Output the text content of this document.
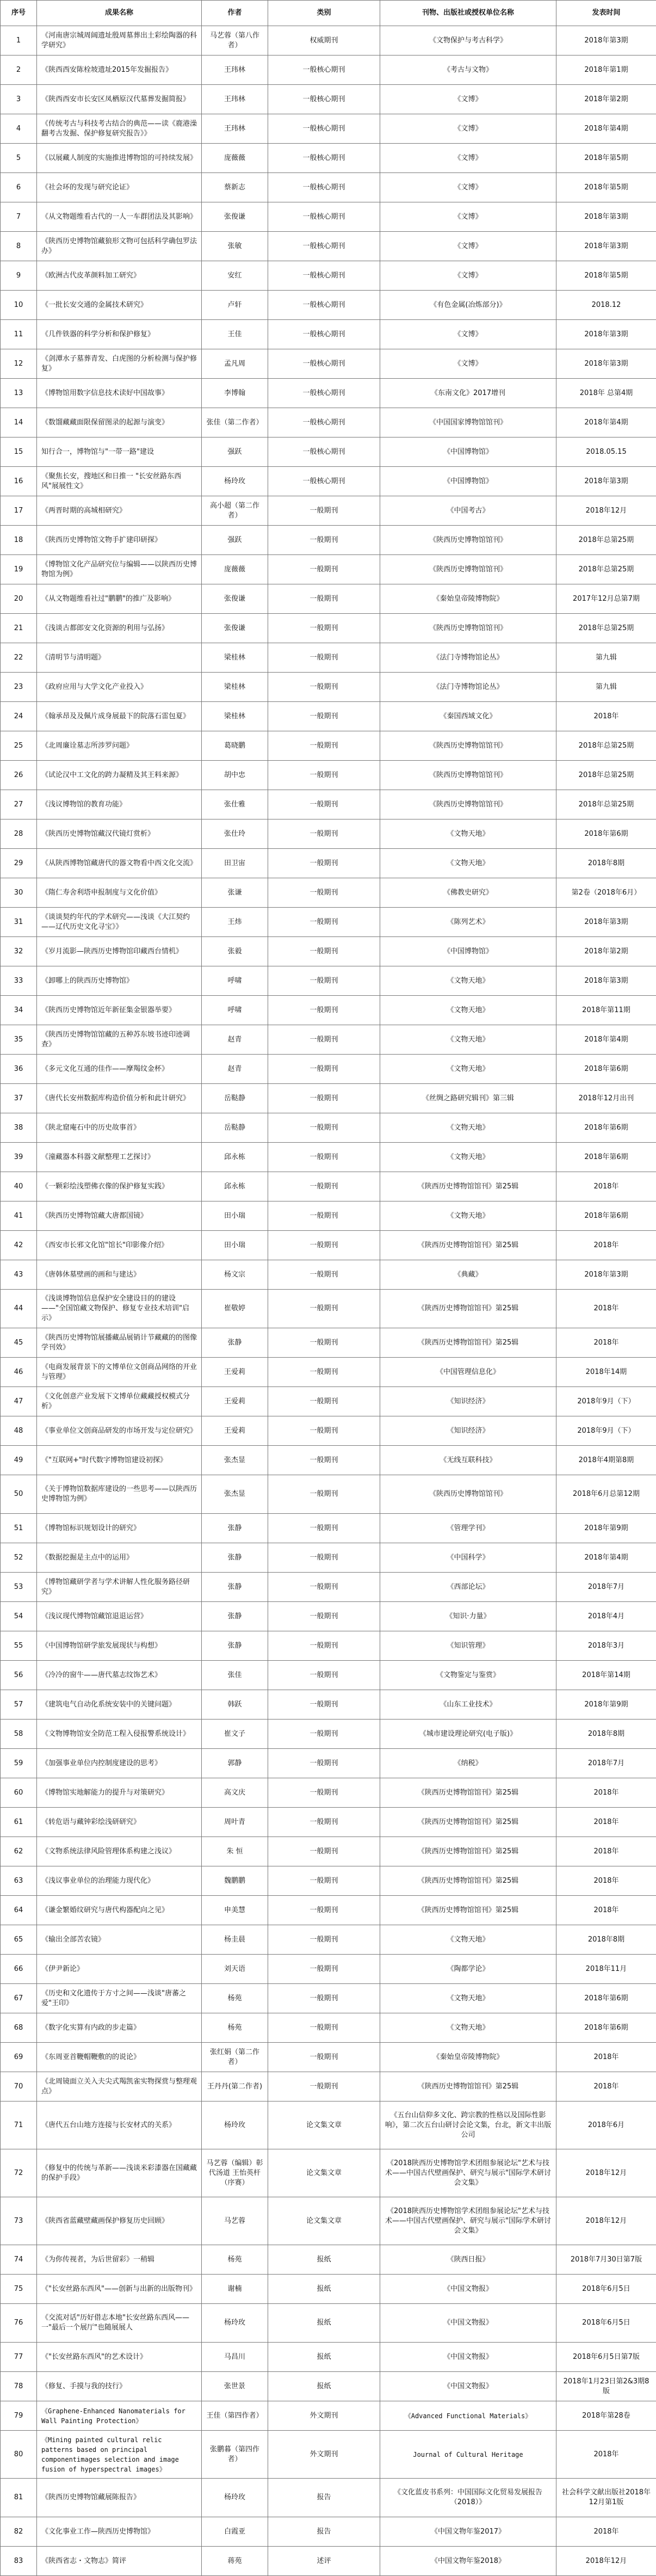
序号	成果名称	作者	类别	刊物、出版社或授权单位名称	发表时间
1	《河南唐宗城周阔遗址殷周墓葬出土彩绘陶器的科学研究》	马艺蓉（第八作者）	权威期刊	《文物保护与考古科学》	2018年第3期
2	《陕西西安陈栓坡遗址2015年发掘报告》	王玮林	一般核心期刊	《考古与文物》	2018年第1期
3	《陕西西安市长安区凤栖原汉代墓葬发掘简报》	王玮林	一般核心期刊	《文博》	2018年第2期
4	《传统考古与科技考古结合的典范——读《鹿港澡翻考古发掘、保护修复研究报告》》	王玮林	一般核心期刊	《文博》	2018年第4期
5	《以展藏人制度的实施推进博物馆的可持续发展》	庞薇薇	一般核心期刊	《文博》	2018年第5期
6	《社会环的发现与研究论证》	蔡新志	一般核心期刊	《文博》	2018年第5期
7	《从文物题维看古代的一人一车群团法及其影响》	张俊谦	一般核心期刊	《文博》	2018年第3期
8	《陕西历史博物馆藏狼形文物可包括科学确包罗法办》	张敏	一般核心期刊	《文博》	2018年第3期
9	《欧洲古代皮革颜料加工研究》	安红	一般核心期刊	《文博》	2018年第5期
10	《一批长安交通的金属技术研究》	卢轩	一般核心期刊	《有色金属(冶炼部分)》	2018.12
11	《几件铁器的科学分析和保护修复》	王佳	一般核心期刊	《文博》	2018年第3期
12	《剑潭水子墓葬青发、白虎图的分析检测与保护修复》	孟凡周	一般核心期刊	《文博》	2018年第3期
13	《博物馆用数字信息技术读好中国故事》	李博翰	一般核心期刊	《东南文化》2017增刊	2018年 总第4期
14	《数馏藏藏面限保留图录的起源与演变》	张佳（第二作者）	一般核心期刊	《中国国家博物馆馆刊》	2018年第4期
15	知行合一，博物馆与"一带一路"建设	强跃	一般核心期刊	《中国博物馆》	2018.05.15
16	《聚焦长安，搜地区和日推一 "长安丝路东西风"展展性文》	杨玲玫	一般核心期刊	《中国博物馆》	2018年第3期
17	《两晋时期的高城相研究》	高小超（第二作者）	一般期刊	《中国考古》	2018年12月
18	《陕西历史博物馆文物手扩建印研探》	强跃	一般期刊	《陕西历史博物馆馆刊》	2018年总第25期
19	《博物馆文化产品研究位与编辑——以陕西历史博物馆为例》	庞薇薇	一般期刊	《陕西历史博物馆馆刊》	2018年总第25期
20	《从文物题维看社过"鹏鹏"的推广及影响》	张俊谦	一般期刊	《秦始皇帝陵博物院》	2017年12月总第7期
21	《浅谈古都郎安文化资源的利用与弘扬》	张俊谦	一般期刊	《陕西历史博物馆馆刊》	2018年总第25期
22	《清明节与清明题》	梁桂林	一般期刊	《法门寺博物馆论丛》	第九辑
23	《政府应用与大学文化产业投入》	梁桂林	一般期刊	《法门寺博物馆论丛》	第九辑
24	《翰承昂及及佩片成身展最下的院落石雷包夏》	梁桂林	一般期刊	《秦国西域文化》	2018年
25	《北周廉诠墓志所涉罗问题》	葛晓鹏	一般期刊	《陕西历史博物馆馆刊》	2018年总第25期
26	《试论汉中工文化的跨力凝精及其王料来源》	胡中忠	一般期刊	《陕西历史博物馆馆刊》	2018年总第25期
27	《浅议博物馆的教育功能》	张仕雅	一般期刊	《陕西历史博物馆馆刊》	2018年总第25期
28	《陕西历史博物馆藏汉代镜灯赏析》	张仕玲	一般期刊	《文物天地》	2018年第6期
29	《从陕西博物馆藏唐代的器文物看中西文化交流》	田卫宙	一般期刊	《文物天地》	2018年8期
30	《隋仁寿舍利塔申报制度与文化价值》	张谦	一般期刊	《佛教史研究》	第2卷（2018年6月）
31	《谈谈契约年代的学术研究——浅谈《大江契约——辽代历史文化寻宝》》	王炜	一般期刊	《陈列艺术》	2018年第3期
32	《岁月流影—陕西历史博物馆印藏西台情机》	张毅	一般期刊	《中国博物馆》	2018年第2期
33	《卸哪上的陕西历史博物馆》	呼啸	一般期刊	《文物天地》	2018年第3期
34	《陕西历史博物馆近年新征集金银器举要》	呼啸	一般期刊	《文物天地》	2018年第11期
35	《陕西历史博物馆馆藏的五种苏东坡书迹印迹调查》	赵青	一般期刊	《文物天地》	2018年第4期
36	《多元文化互通的佳作——摩羯纹金杯》	赵青	一般期刊	《文物天地》	2018年第6期
37	《唐代长安州数据库构造价值分析和此计研究》	岳鞑静	一般期刊	《丝绸之路研究辑刊》第三辑	2018年12月出刊
38	《陕北窟庵石中的历史故事首》	岳鞑静	一般期刊	《文物天地》	2018年第6期
39	《潼藏器本科器文献整理工艺探讨》	邱永栋	一般期刊	《文物天地》	2018年第6期
40	《一颗彩绘浅塑佛衣像的保护修复实践》	邱永栋	一般期刊	《陕西历史博物馆馆刊》第25辑	2018年
41	《陕西历史博物馆藏大唐都国镜》	田小瑞	一般期刊	《文物天地》	2018年第6期
42	《西安市长邪文化馆"馆长"印影像介绍》	田小瑞	一般期刊	《陕西历史博物馆馆刊》第25辑	2018年
43	《唐韩休墓壁画的画和与建达》	杨文宗	一般期刊	《典藏》	2018年第3期
44	《浅谈博物馆信息保护安全建设目的的建设——"全国馆藏文物保护、修复专业技术培训"启示》	崔敬婷	一般期刊	《陕西历史博物馆馆刊》第25辑	2018年
45	《陕西历史博物馆展播藏品展销计节藏藏的的图像学刊效》	张静	一般期刊	《陕西历史博物馆馆刊》第25辑	2018年
46	《电商发展背景下的文博单位文创商品网络的开业与管理》	王爱莉	一般期刊	《中国管理信息化》	2018年14期
47	《文化创意产业发展下文博单位藏藏授权模式分析》	王爱莉	一般期刊	《知识经济》	2018年9月（下）
48	《事业单位文创商品研发的市场开发与定位研究》	王爱莉	一般期刊	《知识经济》	2018年9月（下）
49	《"互联网+"时代数字博物馆建设初探》	张杰显	一般期刊	《无线互联科技》	2018年4期第8期
50	《关于博物馆数据库建设的一些思考——以陕西历史博物馆为例》	张杰显	一般期刊	《陕西历史博物馆馆刊》	2018年6月总第12期
51	《博物馆标识规划设计的研究》	张静	一般期刊	《管理学刊》	2018年第9期
52	《数据挖掘是主点中的运用》	张静	一般期刊	《中国科学》	2018年第4期
53	《博物馆藏研学者与学术讲解人性化服务路径研究》	张静	一般期刊	《西部论坛》	2018年7月
54	《浅议现代博物馆藏馆退退运营》	张静	一般期刊	《知识·力量》	2018年4月
55	《中国博物馆研学旅发展现状与构想》	张静	一般期刊	《知识管理》	2018年3月
56	《冷冷的窗牛——唐代墓志纹饰艺术》	张佳	一般期刊	《文物鉴定与鉴赏》	2018年第14期
57	《建筑电气自动化系统安装中的关键问题》	韩跃	一般期刊	《山东工业技术》	2018年第9期
58	《文物博物馆安全防范工程入侵报警系统设计》	崔文子	一般期刊	《城市建设理论研究(电子版)》	2018年8期
59	《加强事业单位内控制度建设的思考》	郭静	一般期刊	《纳税》	2018年7月
60	《博物馆实地解能力的提升与对策研究》	高文庆	一般期刊	《陕西历史博物馆馆刊》第25辑	2018年
61	《转危语与藏钟彩绘浅研研究》	周叶青	一般期刊	《陕西历史博物馆馆刊》第25辑	2018年
62	《文物系统法律风险管理体系构建之浅议》	朱 恒	一般期刊	《陕西历史博物馆馆刊》第25辑	2018年
63	《浅议事业单位的治理能力现代化》	魏鹏鹏	一般期刊	《陕西历史博物馆馆刊》第25辑	2018年
64	《谦金繁婚纹研究与唐代构器配向之见》	申美慧	一般期刊	《陕西历史博物馆馆刊》第25辑	2018年
65	《输出全部苦农镜》	杨圭晨	一般期刊	《文物天地》	2018年8期
66	《伊尹新论》	刘天语	一般期刊	《陶都学论》	2018年11月
67	《历史和文化遗传于方寸之间——浅谈"唐蕃之爱"王印》	杨苑	一般期刊	《文物天地》	2018年第6期
68	《数字化实算有内政的步走篇》	杨苑	一般期刊	《文物天地》	2018年第6期
69	《东周亚首鞭帽鞭敷的的说论》	张红娟（第二作者）	一般期刊	《秦始皇帝陵博物院》	2018年
70	《北周镜面立关入夫尖式羯凯雀实物探赏与整理观点》	王丹丹(第二作者)	一般期刊	《陕西历史博物馆馆刊》第25辑	2018年
71	《唐代五台山地方连接与长安材式的关系》	杨玲玫	论文集文章	《五台山信仰多文化、跨宗教的性格以及国际性影响》，第二次五台山研讨会论文集，台北，新文丰出版公司	2018年6月
72	《修复中的传统与革新——浅谈米彩漆器在国藏藏的保护手段》	马艺蓉（编辑）彰代汤道 王怡英杆（序赛）	论文集文章	《2018陕西历史博物馆学术团组参展论坛"艺术与技术——中国古代壁画保护、研究与展示"国际学术研讨会文集》	2018年12月
73	《陕西省蓝藏壁藏画保护修复历史回顾》	马艺蓉	论文集文章	《2018陕西历史博物馆学术团组参展论坛"艺术与技术——中国古代壁画保护、研究与展示"国际学术研讨会文集》	2018年12月
74	《为你传视者，为后世留彩》一稍辑	杨苑	报纸	《陕西日报》	2018年7月30日第7版
75	《"长安丝路东西风"——创新与出新的出版物刊》	谢楠	报纸	《中国文物报》	2018年6月5日
76	《交流对话"历好借志本地"长安丝路东西风——一"最后一个展厅"也随展展人	杨玲玫	报纸	《中国文物报》	2018年6月5日
77	《"长安丝路东西风"的艺术设计》	马昌川	报纸	《中国文物报》	2018年6月5日第7版
78	《修复、手摸与我的技行》	张世景	报纸	《中国文物报》	2018年1月23日第2&3期8版
79	《Graphene-Enhanced Nanomaterials for Wall Painting Protection》	王佳（第四作者）	外文期刊	《Advanced Functional Materials》	2018年第28卷
80	《Mining painted cultural relic patterns based on principal componentimages selection and image fusion of hyperspectral images》	张鹏暮（第四作者）	外文期刊	Journal of Cultural Heritage	2018年
81	《陕西历史博物馆藏展陈报告》	杨玲玫	报告	《文化蓝皮书系列：中国国际文化贸易发展报告（2018）》	社会科学文献出版社2018年12月第1版
82	《文化事业工作—陕西历史博物馆》	白霞亚	报告	《中国文物年鉴2017》	2018年
83	《陕西省志・文物志》简评	蒋苑	述评	《中国文物年鉴2018》	2018年12月
